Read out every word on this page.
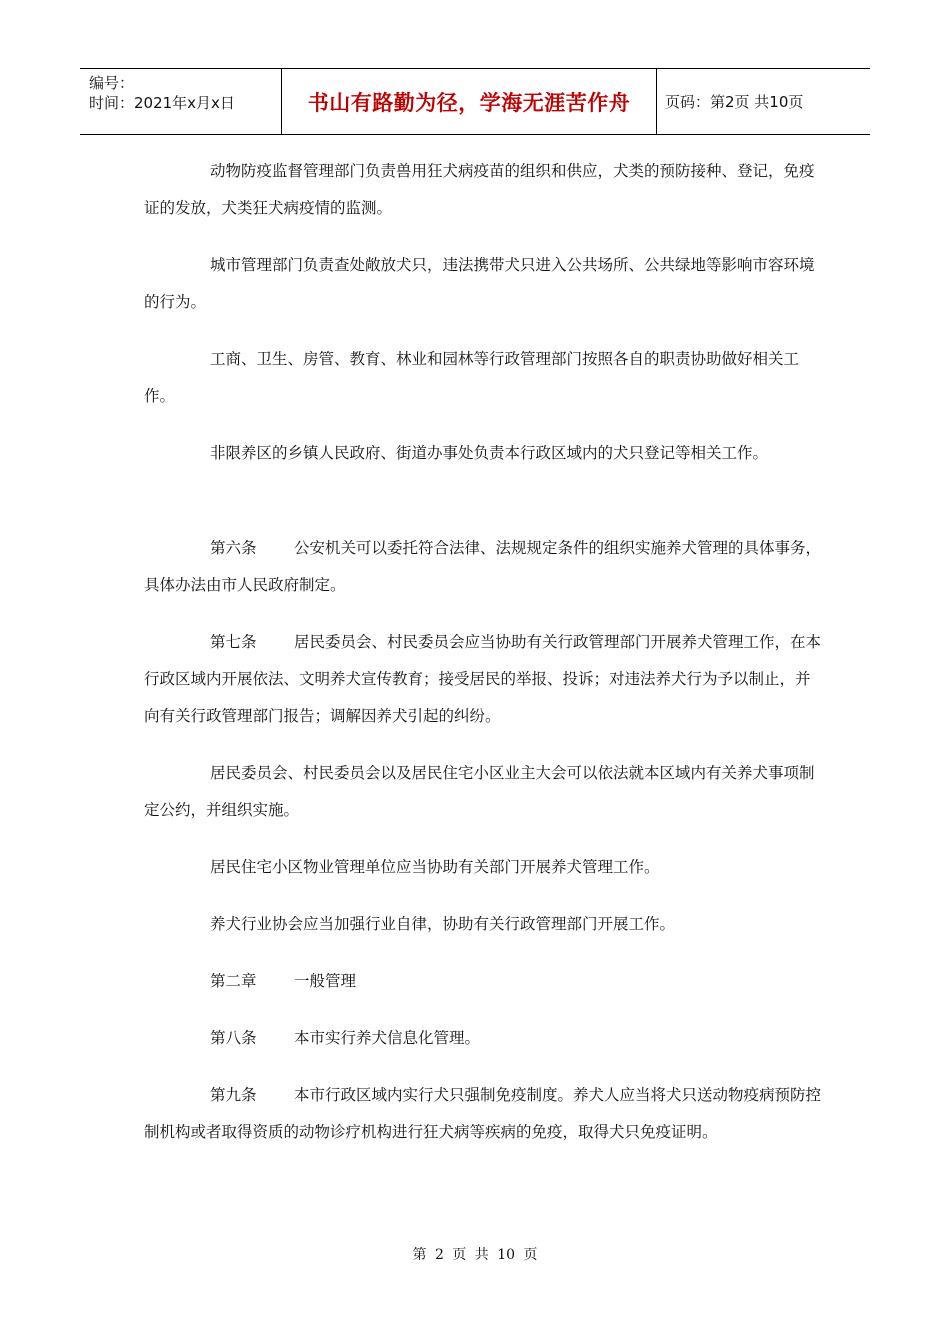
编号：
时间：2021年x月x日	书山有路勤为径，学海无涯苦作舟	页码：第2页 共10页

动物防疫监督管理部门负责兽用狂犬病疫苗的组织和供应，犬类的预防接种、登记，免疫证的发放，犬类狂犬病疫情的监测。

城市管理部门负责查处敞放犬只，违法携带犬只进入公共场所、公共绿地等影响市容环境的行为。

工商、卫生、房管、教育、林业和园林等行政管理部门按照各自的职责协助做好相关工作。

非限养区的乡镇人民政府、街道办事处负责本行政区域内的犬只登记等相关工作。

第六条 公安机关可以委托符合法律、法规规定条件的组织实施养犬管理的具体事务，具体办法由市人民政府制定。

第七条 居民委员会、村民委员会应当协助有关行政管理部门开展养犬管理工作，在本行政区域内开展依法、文明养犬宣传教育；接受居民的举报、投诉；对违法养犬行为予以制止，并向有关行政管理部门报告；调解因养犬引起的纠纷。

居民委员会、村民委员会以及居民住宅小区业主大会可以依法就本区域内有关养犬事项制定公约，并组织实施。

居民住宅小区物业管理单位应当协助有关部门开展养犬管理工作。

养犬行业协会应当加强行业自律，协助有关行政管理部门开展工作。

第二章 一般管理

第八条 本市实行养犬信息化管理。

第九条 本市行政区域内实行犬只强制免疫制度。养犬人应当将犬只送动物疫病预防控制机构或者取得资质的动物诊疗机构进行狂犬病等疾病的免疫，取得犬只免疫证明。

第 2 页 共 10 页
